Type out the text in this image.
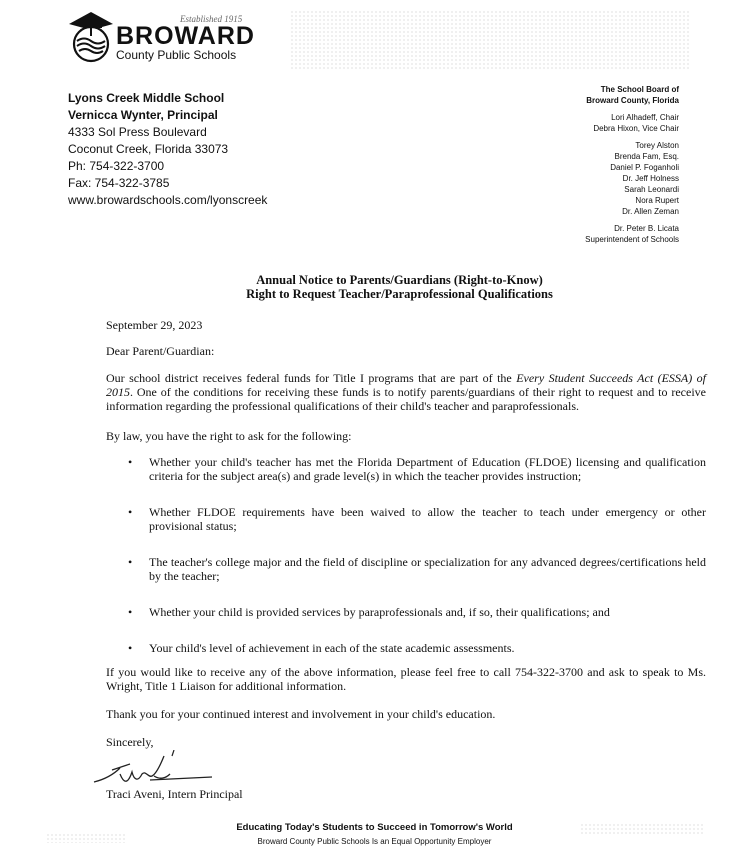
Established 1915
BROWARD
County Public Schools
Lyons Creek Middle School
Vernicca Wynter, Principal
4333 Sol Press Boulevard
Coconut Creek, Florida 33073
Ph: 754-322-3700
Fax: 754-322-3785
www.browardschools.com/lyonscreek
The School Board of
Broward County, Florida
Lori Alhadeff, Chair
Debra Hixon, Vice Chair
Torey Alston
Brenda Fam, Esq.
Daniel P. Foganholi
Dr. Jeff Holness
Sarah Leonardi
Nora Rupert
Dr. Allen Zeman
Dr. Peter B. Licata
Superintendent of Schools
Annual Notice to Parents/Guardians (Right-to-Know)
Right to Request Teacher/Paraprofessional Qualifications

September 29, 2023

Dear Parent/Guardian:

Our school district receives federal funds for Title I programs that are part of the Every Student Succeeds Act (ESSA) of 2015. One of the conditions for receiving these funds is to notify parents/guardians of their right to request and to receive information regarding the professional qualifications of their child's teacher and paraprofessionals.

By law, you have the right to ask for the following:

• Whether your child's teacher has met the Florida Department of Education (FLDOE) licensing and qualification criteria for the subject area(s) and grade level(s) in which the teacher provides instruction;
• Whether FLDOE requirements have been waived to allow the teacher to teach under emergency or other provisional status;
• The teacher's college major and the field of discipline or specialization for any advanced degrees/certifications held by the teacher;
• Whether your child is provided services by paraprofessionals and, if so, their qualifications; and
• Your child's level of achievement in each of the state academic assessments.

If you would like to receive any of the above information, please feel free to call 754-322-3700 and ask to speak to Ms. Wright, Title 1 Liaison for additional information.

Thank you for your continued interest and involvement in your child's education.

Sincerely,

Traci Aveni, Intern Principal
Educating Today's Students to Succeed in Tomorrow's World
Broward County Public Schools Is an Equal Opportunity Employer
